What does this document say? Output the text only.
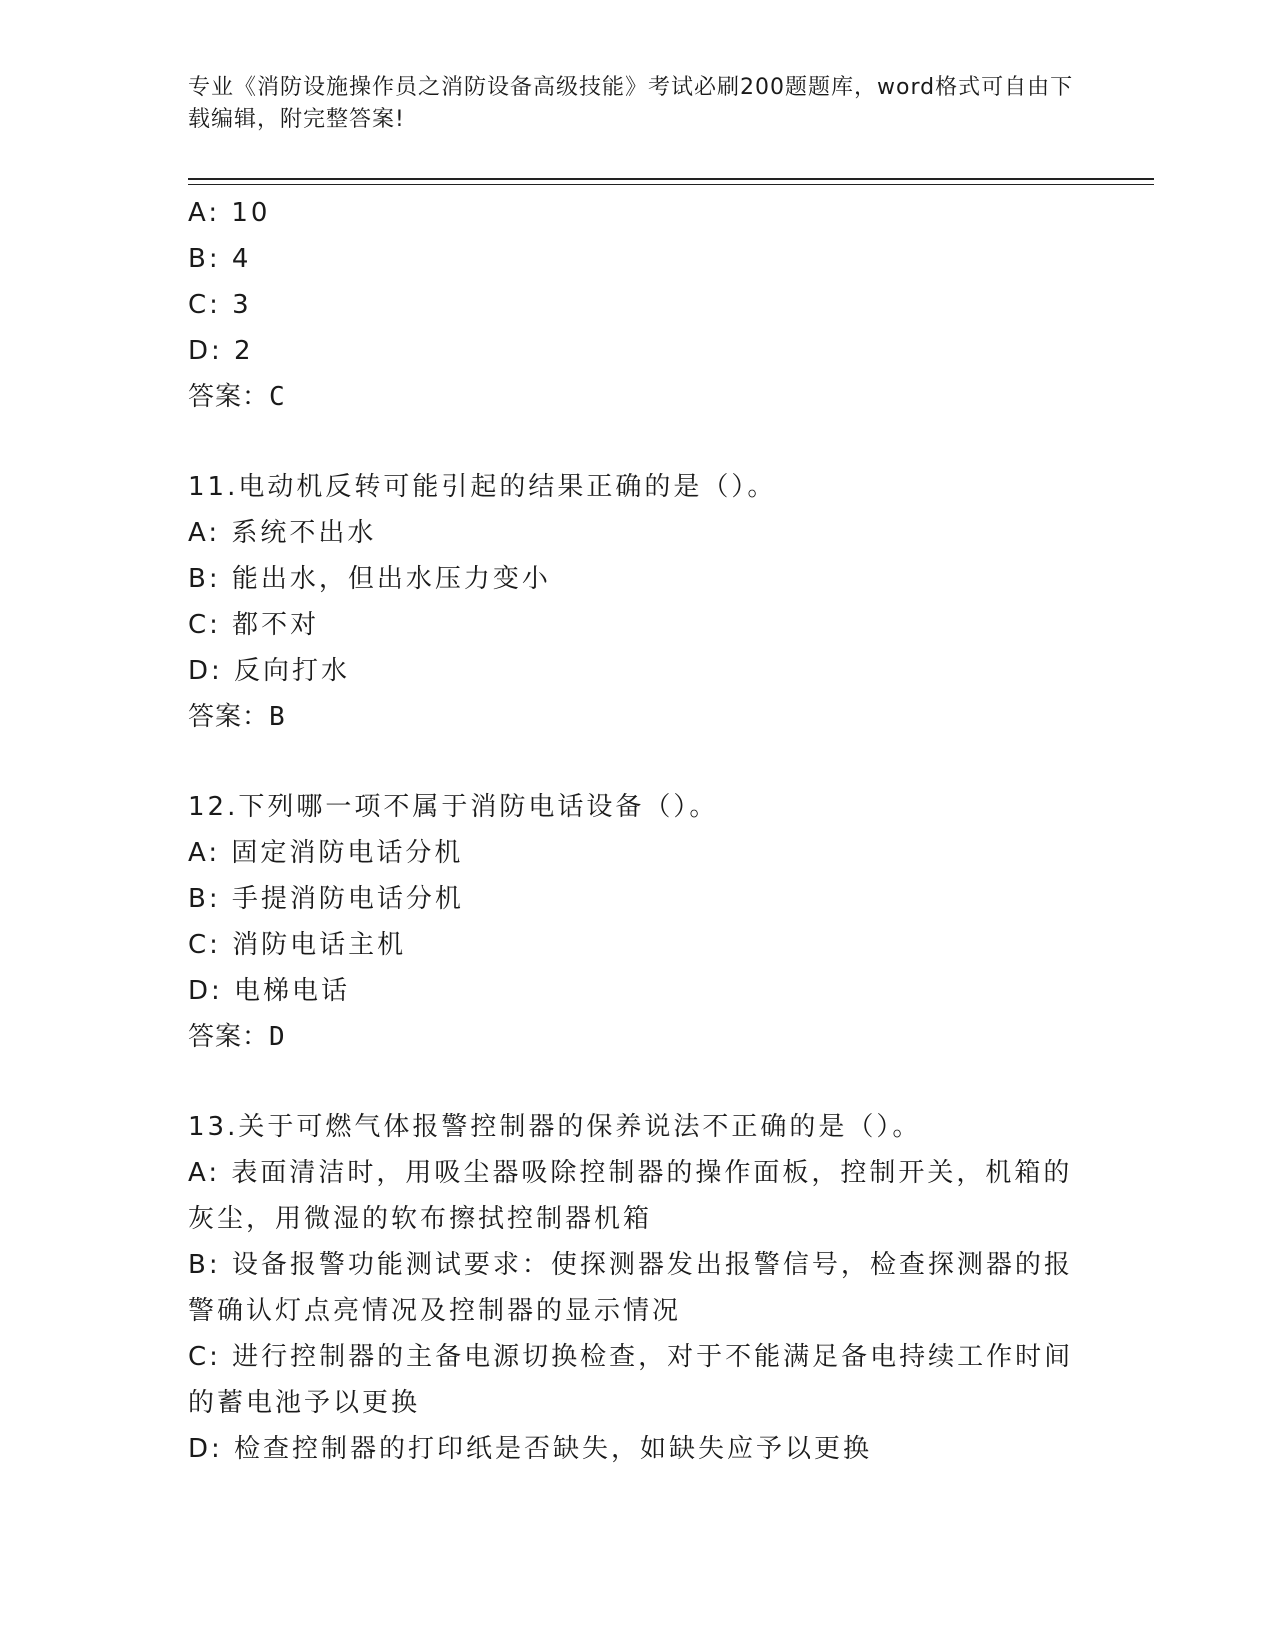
专业《消防设施操作员之消防设备高级技能》考试必刷200题题库，word格式可自由下载编辑，附完整答案!
A: 10
B: 4
C: 3
D: 2
答案：C
11.电动机反转可能引起的结果正确的是（）。
A: 系统不出水
B: 能出水，但出水压力变小
C: 都不对
D: 反向打水
答案：B
12.下列哪一项不属于消防电话设备（）。
A: 固定消防电话分机
B: 手提消防电话分机
C: 消防电话主机
D: 电梯电话
答案：D
13.关于可燃气体报警控制器的保养说法不正确的是（）。
A: 表面清洁时，用吸尘器吸除控制器的操作面板，控制开关，机箱的灰尘，用微湿的软布擦拭控制器机箱
B: 设备报警功能测试要求：使探测器发出报警信号，检查探测器的报警确认灯点亮情况及控制器的显示情况
C: 进行控制器的主备电源切换检查，对于不能满足备电持续工作时间的蓄电池予以更换
D: 检查控制器的打印纸是否缺失，如缺失应予以更换
